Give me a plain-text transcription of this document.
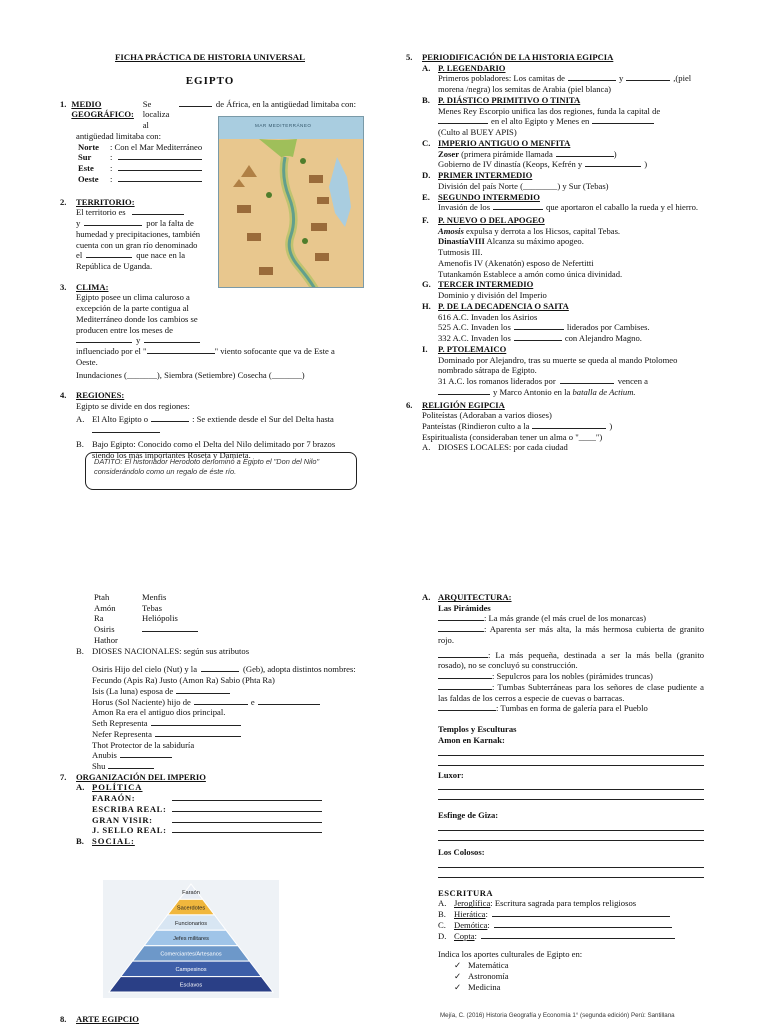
FICHA PRÁCTICA DE HISTORIA UNIVERSAL
EGIPTO
1. MEDIO GEOGRÁFICO:
Se localiza al
de África, en la antigüedad limitaba con:
antigüedad limitaba con:
Norte	: Con el Mar Mediterráneo
Sur	:
Este	:
Oeste	:
2.	TERRITORIO:
El territorio es
y	por la falta de
humedad y precipitaciones, también
cuenta con un gran río denominado
el	que nace en la
República de Uganda.
3.	CLIMA:
Egipto posee un clima caluroso a
excepción de la parte contigua al
Mediterráneo donde los cambios se
producen entre los meses de
y
influenciado por el "	" viento sofocante que va de Este a Oeste.
Inundaciones (_______), Siembra (Setiembre) Cosecha (_______)
4.	REGIONES:
Egipto se divide en dos regiones:
A. El Alto Egipto o	: Se extiende desde el Sur del Delta hasta
B. Bajo Egipto: Conocido como el Delta del Nilo delimitado por 7 brazos siendo los más importantes Roseta y Damieta.
MAR MEDITERRÁNEO
DATITO: El historiador Herodoto denominó a Egipto el "Don del Nilo" considerándolo como un regalo de éste río.
5.	PERIODIFICACIÓN DE LA HISTORIA EGIPCIA
A. P. LEGENDARIO
Primeros pobladores: Los camitas de	y	,(piel
morena /negra) los semitas de Arabia (piel blanca)
B. P. DIÁSTICO PRIMITIVO O TINITA
Menes Rey Escorpio unifica las dos regiones, funda la capital de
en el alto Egipto y Menes en
(Culto al BUEY APIS)
C. IMPERIO ANTIGUO O MENFITA
Zoser (primera pirámide llamada	)
Gobierno de IV dinastía (Keops, Kefrén y	)
D. PRIMER INTERMEDIO
División del país Norte (________) y Sur (Tebas)
E. SEGUNDO INTERMEDIO
Invasión de los	que aportaron el caballo la rueda y el hierro.
F.	P. NUEVO O DEL APOGEO
Amosis expulsa y derrota a los Hicsos, capital Tebas.
DinastíaVIII Alcanza su máximo apogeo.
Tutmosis III.
Amenofis IV (Akenatón) esposo de Nefertitti
Tutankamón Establece a amón como única divinidad.
G. TERCER INTERMEDIO
Dominio y división del Imperio
H. P. DE LA DECADENCIA O SAITA
616 A.C. Invaden los Asirios
525 A.C. Invaden los	liderados por Cambises.
332 A.C. Invaden los	con Alejandro Magno.
I.	P. PTOLEMAICO
Dominado por Alejandro, tras su muerte se queda al mando Ptolomeo nombrado sátrapa de Egipto.
31 A.C. los romanos liderados por	vencen a
y Marco Antonio en la batalla de Actium.
6.	RELIGIÓN EGIPCIA
Politeístas (Adoraban a varios dioses)
Panteístas (Rindieron culto a la	)
Espiritualista (consideraban tener un alma o "____")
A. DIOSES LOCALES: por cada ciudad
Ptah	Menfis
Amón	Tebas
Ra	Heliópolis
Osiris
Hathor
B. DIOSES NACIONALES: según sus atributos
Osiris Hijo del cielo (Nut) y la	(Geb), adopta distintos nombres:
Fecundo (Apis Ra) Justo (Amon Ra) Sabio (Phta Ra)
Isis (La luna) esposa de
Horus (Sol Naciente) hijo de	e
Amon Ra era el antiguo dios principal.
Seth Representa
Nefer Representa
Thot Protector de la sabiduría
Anubis
Shu
7.	ORGANIZACIÓN DEL IMPERIO
A. POLÍTICA
FARAÓN:
ESCRIBA REAL:
GRAN VISIR:
J. SELLO REAL:
B. SOCIAL:
Faraón
Sacerdotes
Funcionarios
Jefes militares
Comerciantes/Artesanos
Campesinos
Esclavos
8.	ARTE EGIPCIO
A. ARQUITECTURA:
Las Pirámides
: La más grande (el más cruel de los monarcas)
: Aparenta ser más alta, la más hermosa cubierta de granito rojo.
: La más pequeña, destinada a ser la más bella (granito rosado), no se concluyó su construcción.
: Sepulcros para los nobles (pirámides truncas)
: Tumbas Subterráneas para los señores de clase pudiente a las faldas de los cerros a especie de cuevas o barracas.
: Tumbas en forma de galería para el Pueblo
Templos y Esculturas
Amon en Karnak:
Luxor:
Esfinge de Giza:
Los Colosos:
ESCRITURA
A. Jeroglífica : Escritura sagrada para templos religiosos
B. Hierática :
C. Demótica :
D. Copta :
Indica los aportes culturales de Egipto en:
✓ Matemática
✓ Astronomía
✓ Medicina
Mejía, C. (2016) Historia Geografía y Economía 1° (segunda edición) Perú: Santillana
